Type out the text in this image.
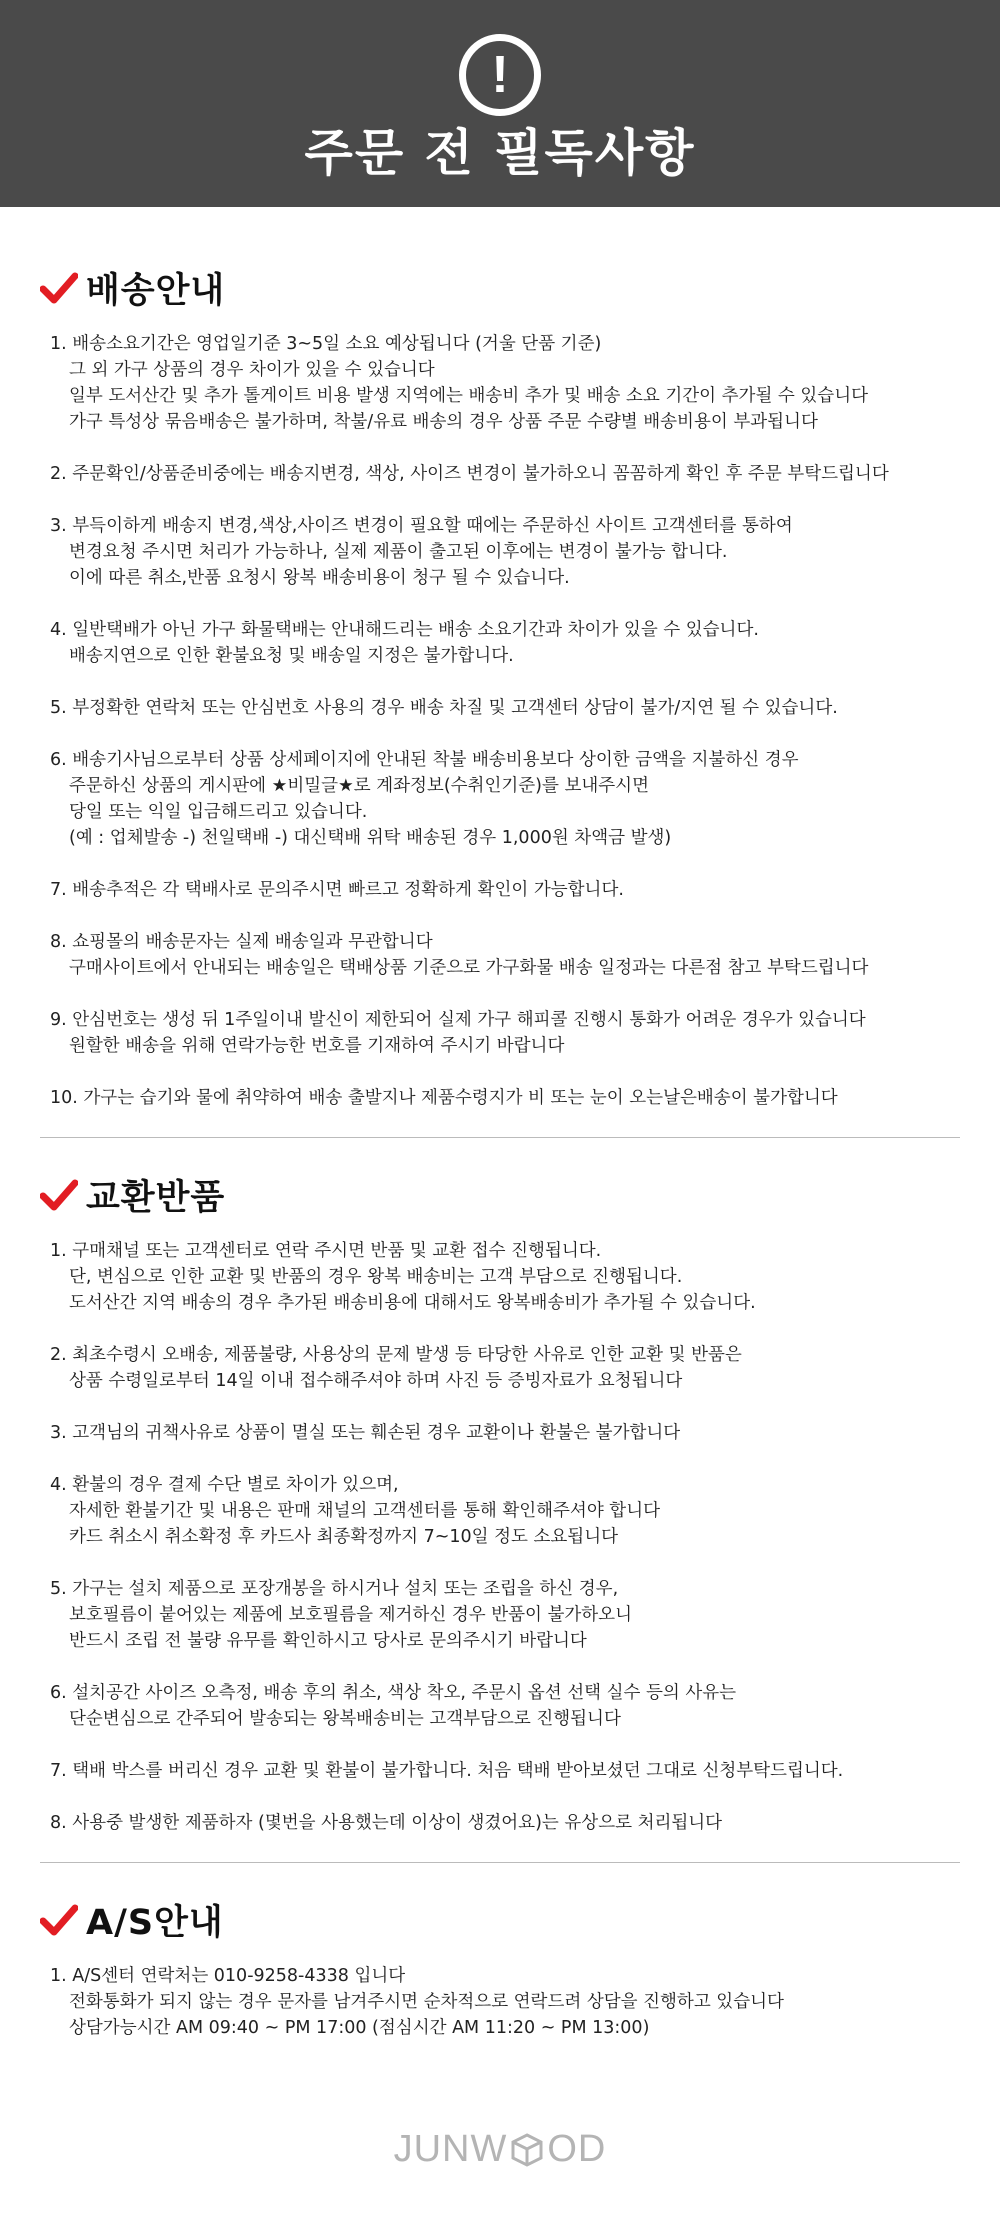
!
주문 전 필독사항
배송안내
1. 배송소요기간은 영업일기준 3~5일 소요 예상됩니다 (거울 단품 기준)
그 외 가구 상품의 경우 차이가 있을 수 있습니다
일부 도서산간 및 추가 톨게이트 비용 발생 지역에는 배송비 추가 및 배송 소요 기간이 추가될 수 있습니다
가구 특성상 묶음배송은 불가하며, 착불/유료 배송의 경우 상품 주문 수량별 배송비용이 부과됩니다
2. 주문확인/상품준비중에는 배송지변경, 색상, 사이즈 변경이 불가하오니 꼼꼼하게 확인 후 주문 부탁드립니다
3. 부득이하게 배송지 변경,색상,사이즈 변경이 필요할 때에는 주문하신 사이트 고객센터를 통하여
변경요청 주시면 처리가 가능하나, 실제 제품이 출고된 이후에는 변경이 불가능 합니다.
이에 따른 취소,반품 요청시 왕복 배송비용이 청구 될 수 있습니다.
4. 일반택배가 아닌 가구 화물택배는 안내해드리는 배송 소요기간과 차이가 있을 수 있습니다.
배송지연으로 인한 환불요청 및 배송일 지정은 불가합니다.
5. 부정확한 연락처 또는 안심번호 사용의 경우 배송 차질 및 고객센터 상담이 불가/지연 될 수 있습니다.
6. 배송기사님으로부터 상품 상세페이지에 안내된 착불 배송비용보다 상이한 금액을 지불하신 경우
주문하신 상품의 게시판에 ★비밀글★로 계좌정보(수취인기준)를 보내주시면
당일 또는 익일 입금해드리고 있습니다.
(예 : 업체발송 -) 천일택배 -) 대신택배 위탁 배송된 경우 1,000원 차액금 발생)
7. 배송추적은 각 택배사로 문의주시면 빠르고 정확하게 확인이 가능합니다.
8. 쇼핑몰의 배송문자는 실제 배송일과 무관합니다
구매사이트에서 안내되는 배송일은 택배상품 기준으로 가구화물 배송 일정과는 다른점 참고 부탁드립니다
9. 안심번호는 생성 뒤 1주일이내 발신이 제한되어 실제 가구 해피콜 진행시 통화가 어려운 경우가 있습니다
원할한 배송을 위해 연락가능한 번호를 기재하여 주시기 바랍니다
10. 가구는 습기와 물에 취약하여 배송 출발지나 제품수령지가 비 또는 눈이 오는날은배송이 불가합니다
교환반품
1. 구매채널 또는 고객센터로 연락 주시면 반품 및 교환 접수 진행됩니다.
단, 변심으로 인한 교환 및 반품의 경우 왕복 배송비는 고객 부담으로 진행됩니다.
도서산간 지역 배송의 경우 추가된 배송비용에 대해서도 왕복배송비가 추가될 수 있습니다.
2. 최초수령시 오배송, 제품불량, 사용상의 문제 발생 등 타당한 사유로 인한 교환 및 반품은
상품 수령일로부터 14일 이내 접수해주셔야 하며 사진 등 증빙자료가 요청됩니다
3. 고객님의 귀책사유로 상품이 멸실 또는 훼손된 경우 교환이나 환불은 불가합니다
4. 환불의 경우 결제 수단 별로 차이가 있으며,
자세한 환불기간 및 내용은 판매 채널의 고객센터를 통해 확인해주셔야 합니다
카드 취소시 취소확정 후 카드사 최종확정까지 7~10일 정도 소요됩니다
5. 가구는 설치 제품으로 포장개봉을 하시거나 설치 또는 조립을 하신 경우,
보호필름이 붙어있는 제품에 보호필름을 제거하신 경우 반품이 불가하오니
반드시 조립 전 불량 유무를 확인하시고 당사로 문의주시기 바랍니다
6. 설치공간 사이즈 오측정, 배송 후의 취소, 색상 착오, 주문시 옵션 선택 실수 등의 사유는
단순변심으로 간주되어 발송되는 왕복배송비는 고객부담으로 진행됩니다
7. 택배 박스를 버리신 경우 교환 및 환불이 불가합니다. 처음 택배 받아보셨던 그대로 신청부탁드립니다.
8. 사용중 발생한 제품하자 (몇번을 사용했는데 이상이 생겼어요)는 유상으로 처리됩니다
A/S안내
1. A/S센터 연락처는 010-9258-4338 입니다
전화통화가 되지 않는 경우 문자를 남겨주시면 순차적으로 연락드려 상담을 진행하고 있습니다
상담가능시간 AM 09:40 ~ PM 17:00 (점심시간 AM 11:20 ~ PM 13:00)
JUNW OD
